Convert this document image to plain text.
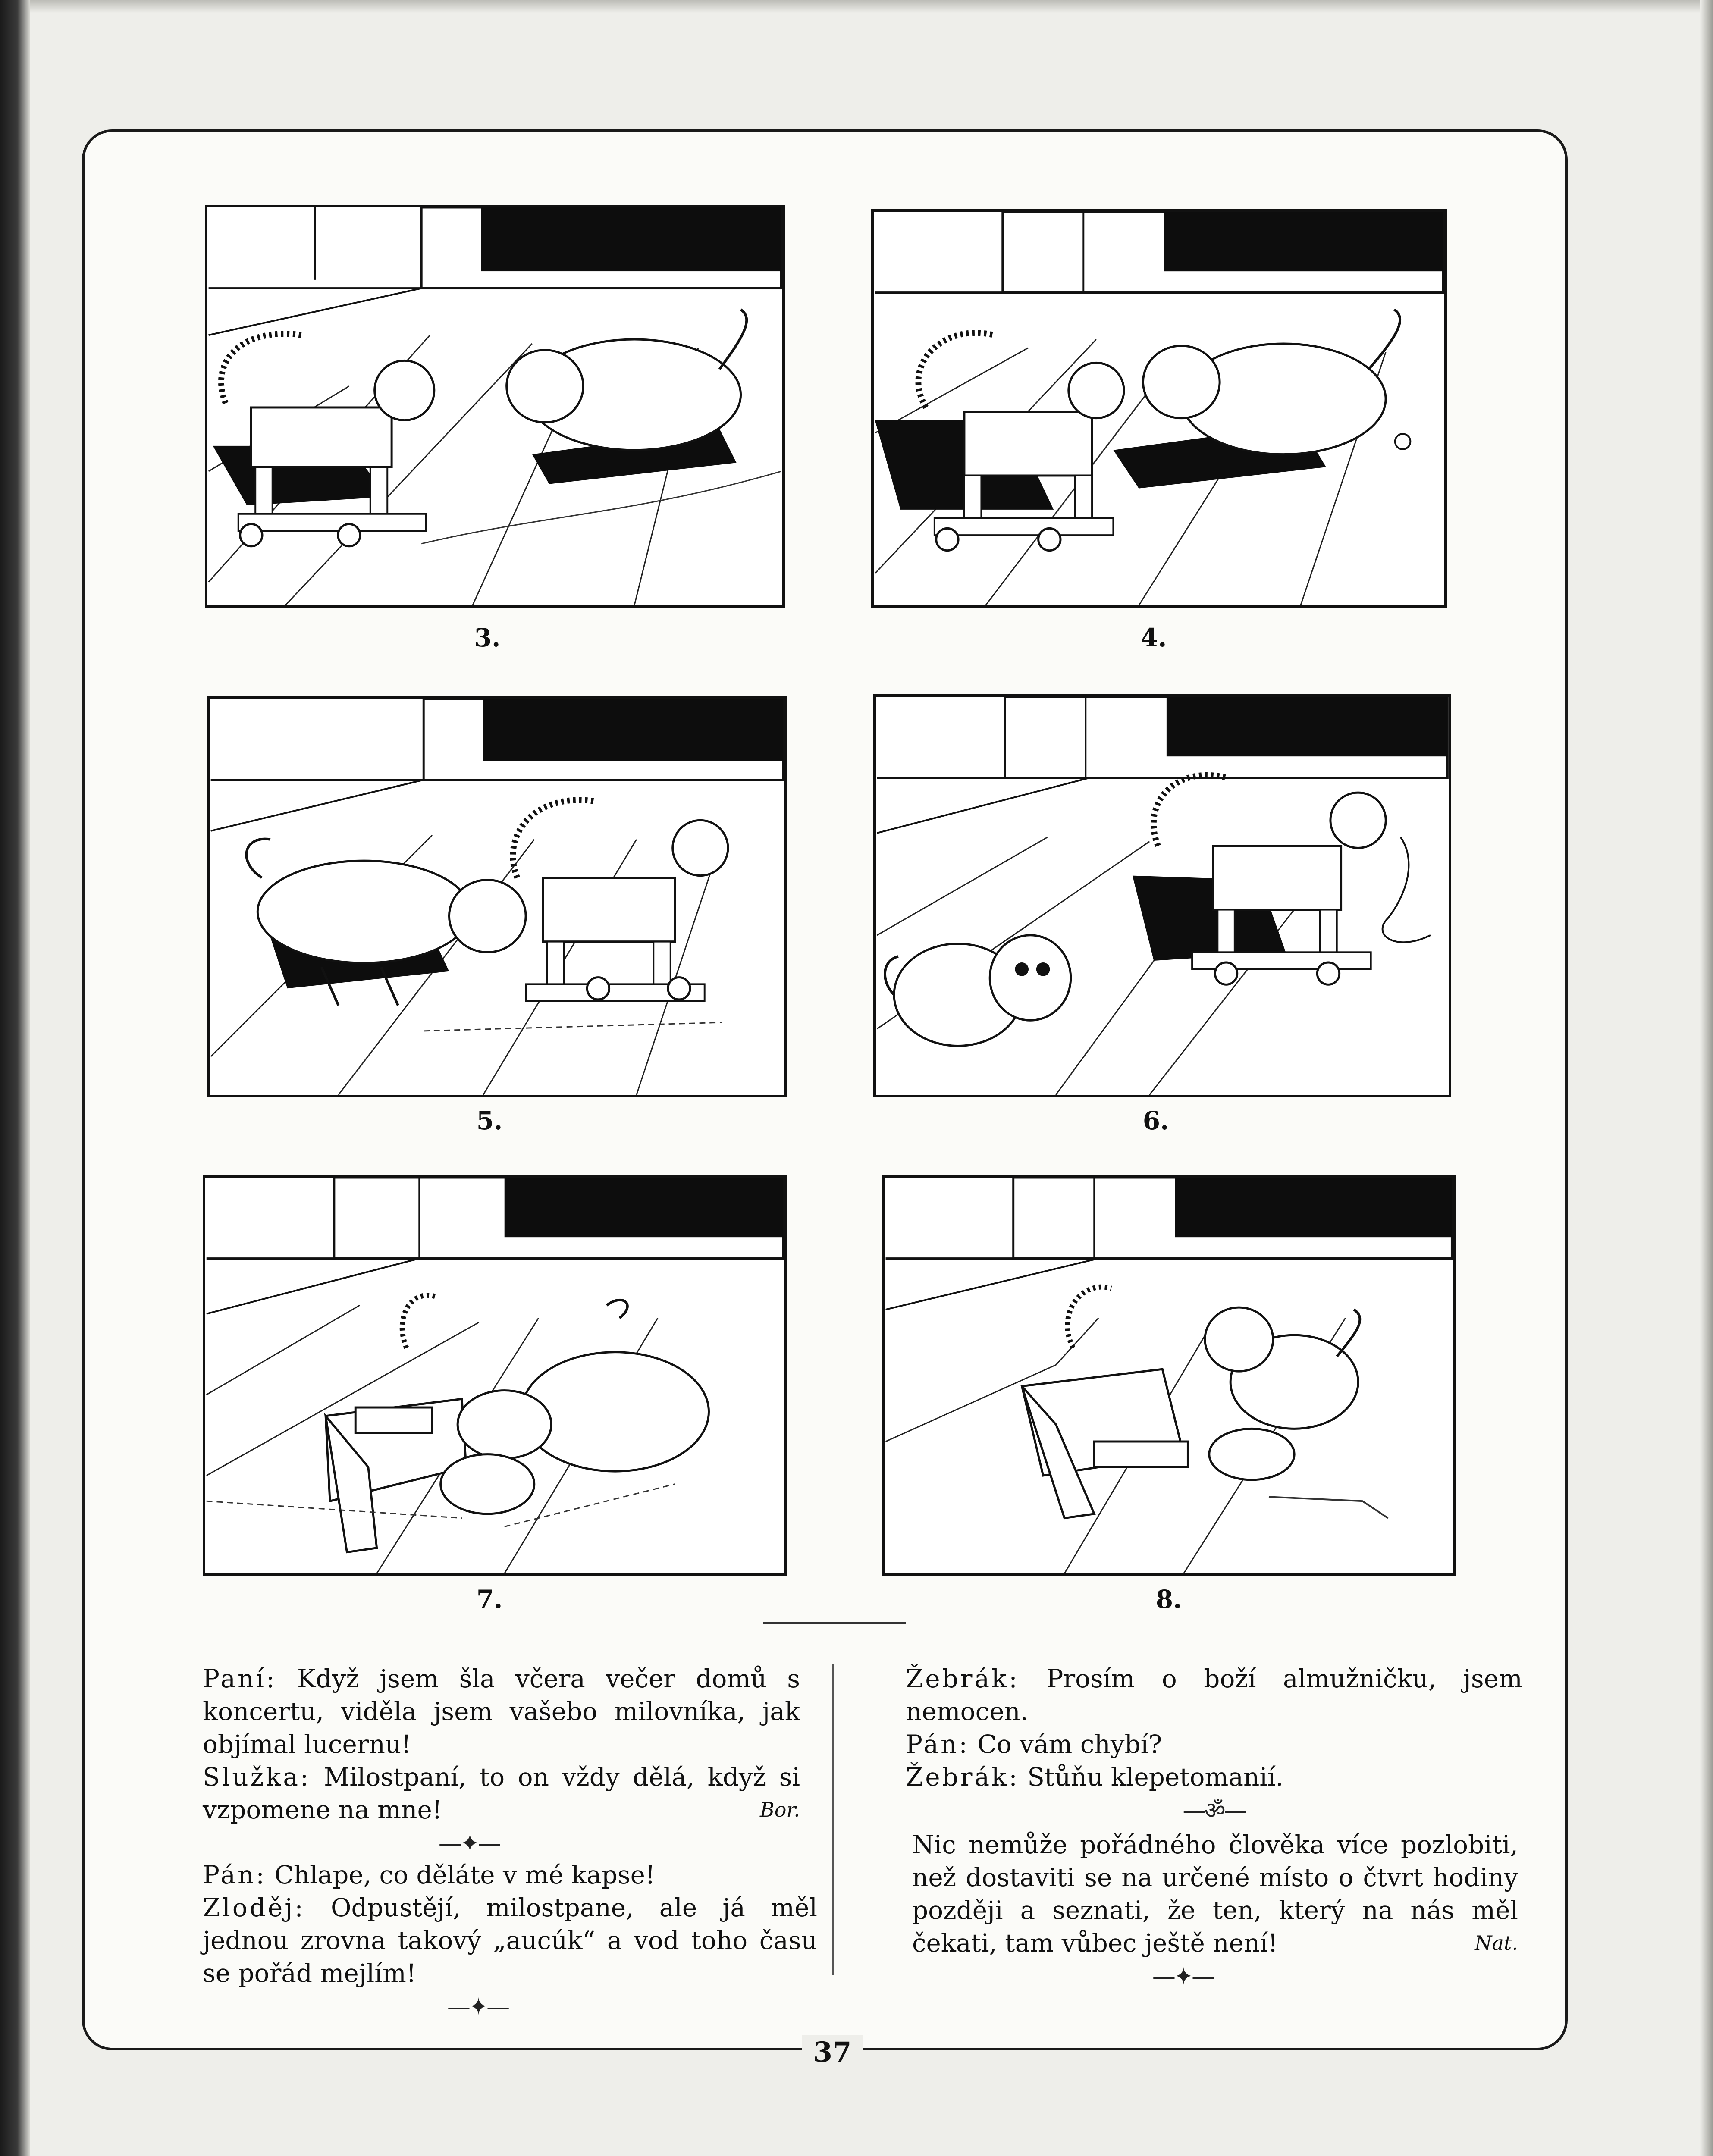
3.	4.
5.	6.
7.	8.

Paní: Když jsem šla včera večer domů s koncertu, viděla jsem vašebo milovníka, jak objímal lucernu!

Služka: Milostpaní, to on vždy dělá, když si vzpomene na mne!	Bor.

—✦—

Pán: Chlape, co děláte v mé kapse!

Zloděj: Odpustějí, milostpane, ale já měl jednou zrovna takový „aucúk“ a vod toho času se pořád mejlím!

—✦—

Žebrák: Prosím o boží almužničku, jsem nemocen.

Pán: Co vám chybí?

Žebrák: Stůňu klepetomanií.

—ॐ—

Nic nemůže pořádného člověka více pozlobiti, než dostaviti se na určené místo o čtvrt hodiny později a seznati, že ten, který na nás měl čekati, tam vůbec ještě není!	Nat.

—✦—
37
